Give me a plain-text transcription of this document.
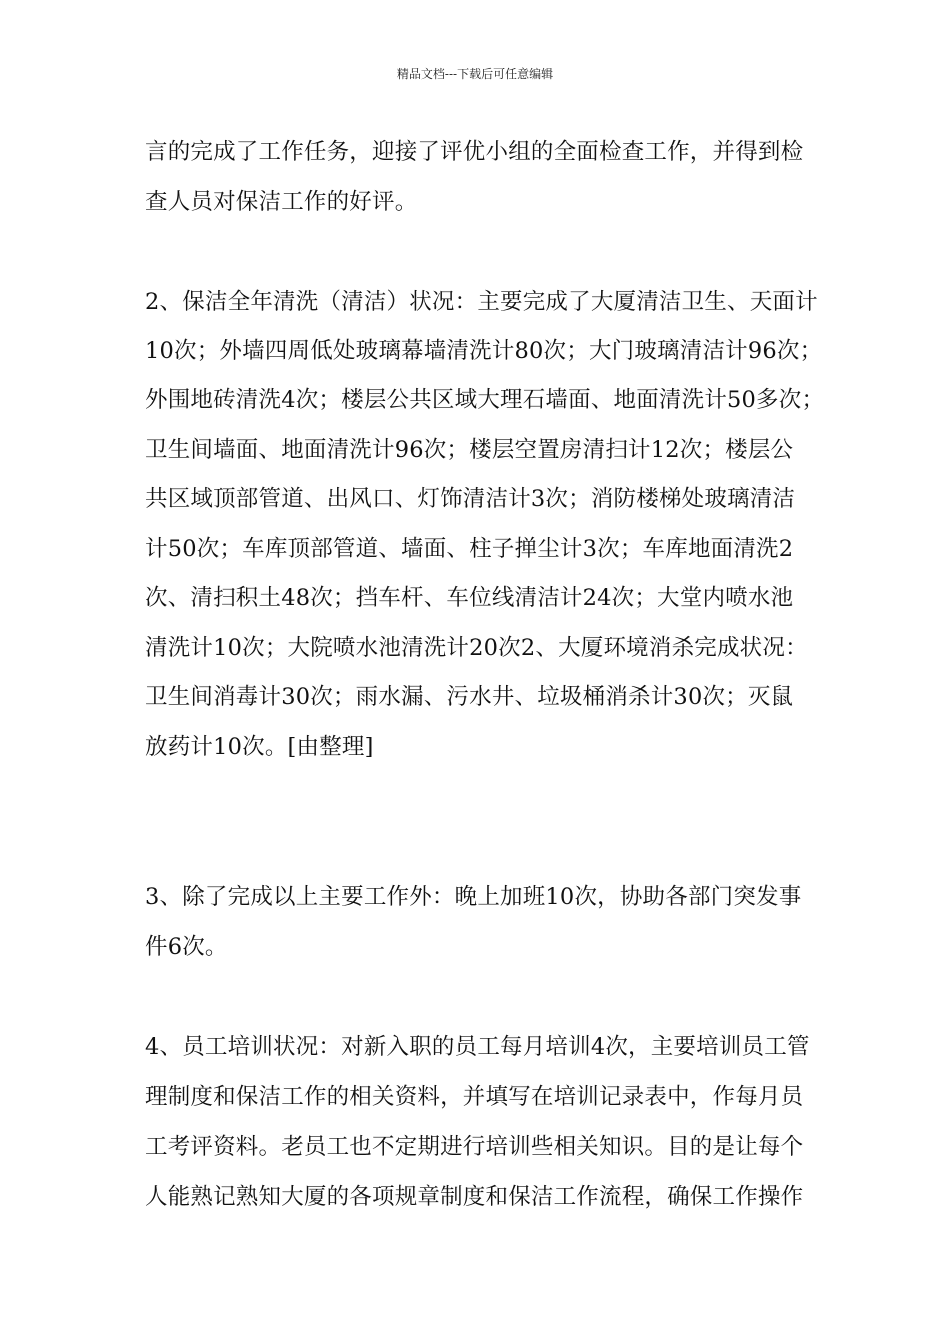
精品文档---下载后可任意编辑
言的完成了工作任务，迎接了评优小组的全面检查工作，并得到检
查人员对保洁工作的好评。
2、保洁全年清洗（清洁）状况：主要完成了大厦清洁卫生、天面计
10次；外墙四周低处玻璃幕墙清洗计80次；大门玻璃清洁计96次；
外围地砖清洗4次；楼层公共区域大理石墙面、地面清洗计50多次；
卫生间墙面、地面清洗计96次；楼层空置房清扫计12次；楼层公
共区域顶部管道、出风口、灯饰清洁计3次；消防楼梯处玻璃清洁
计50次；车库顶部管道、墙面、柱子掸尘计3次；车库地面清洗2
次、清扫积土48次；挡车杆、车位线清洁计24次；大堂内喷水池
清洗计10次；大院喷水池清洗计20次2、大厦环境消杀完成状况：
卫生间消毒计30次；雨水漏、污水井、垃圾桶消杀计30次；灭鼠
放药计10次。[由整理]
3、除了完成以上主要工作外：晚上加班10次，协助各部门突发事
件6次。
4、员工培训状况：对新入职的员工每月培训4次，主要培训员工管
理制度和保洁工作的相关资料，并填写在培训记录表中，作每月员
工考评资料。老员工也不定期进行培训些相关知识。目的是让每个
人能熟记熟知大厦的各项规章制度和保洁工作流程，确保工作操作
